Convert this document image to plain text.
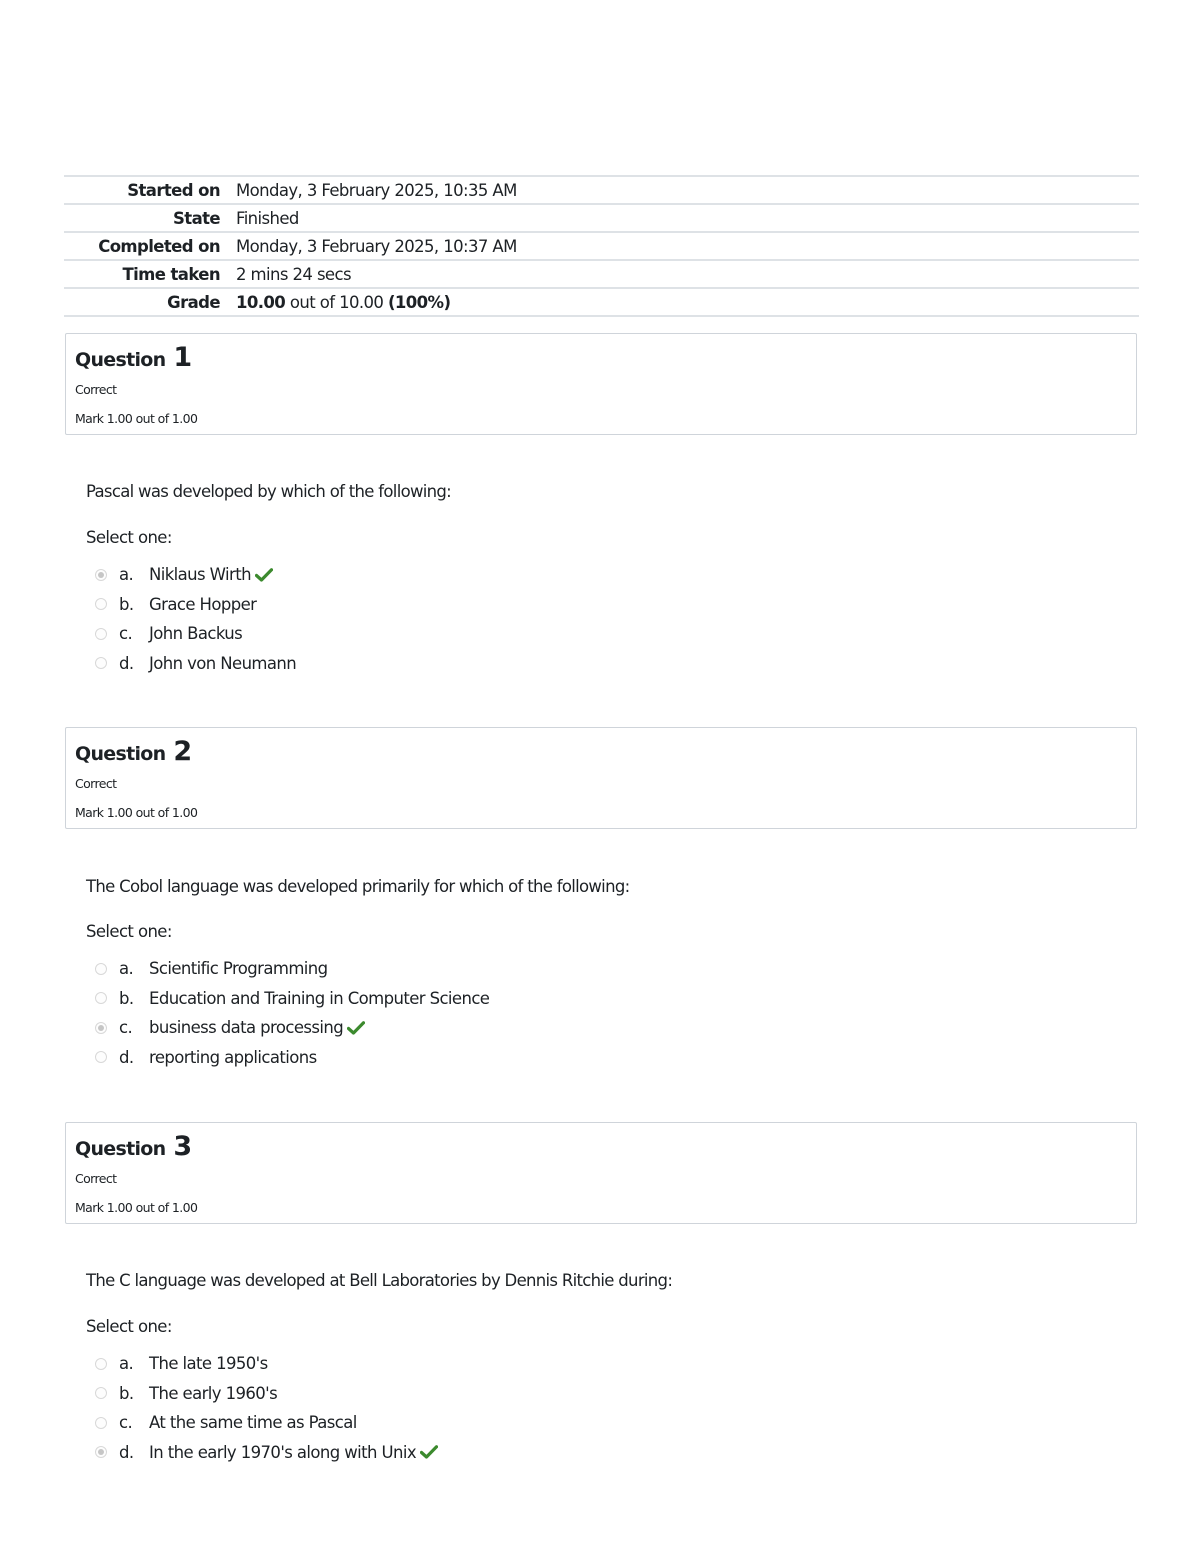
Started on	Monday, 3 February 2025, 10:35 AM
State	Finished
Completed on	Monday, 3 February 2025, 10:37 AM
Time taken	2 mins 24 secs
Grade	10.00 out of 10.00 (100%)
Question 1
Correct
Mark 1.00 out of 1.00
Pascal was developed by which of the following:
Select one:
a. Niklaus Wirth
b. Grace Hopper
c.	John Backus
d. John von Neumann
Question 2
Correct
Mark 1.00 out of 1.00
The Cobol language was developed primarily for which of the following:
Select one:
a. Scientific Programming
b. Education and Training in Computer Science
c.	business data processing
d. reporting applications
Question 3
Correct
Mark 1.00 out of 1.00
The C language was developed at Bell Laboratories by Dennis Ritchie during:
Select one:
a. The late 1950's
b. The early 1960's
c.	At the same time as Pascal
d. In the early 1970's along with Unix
